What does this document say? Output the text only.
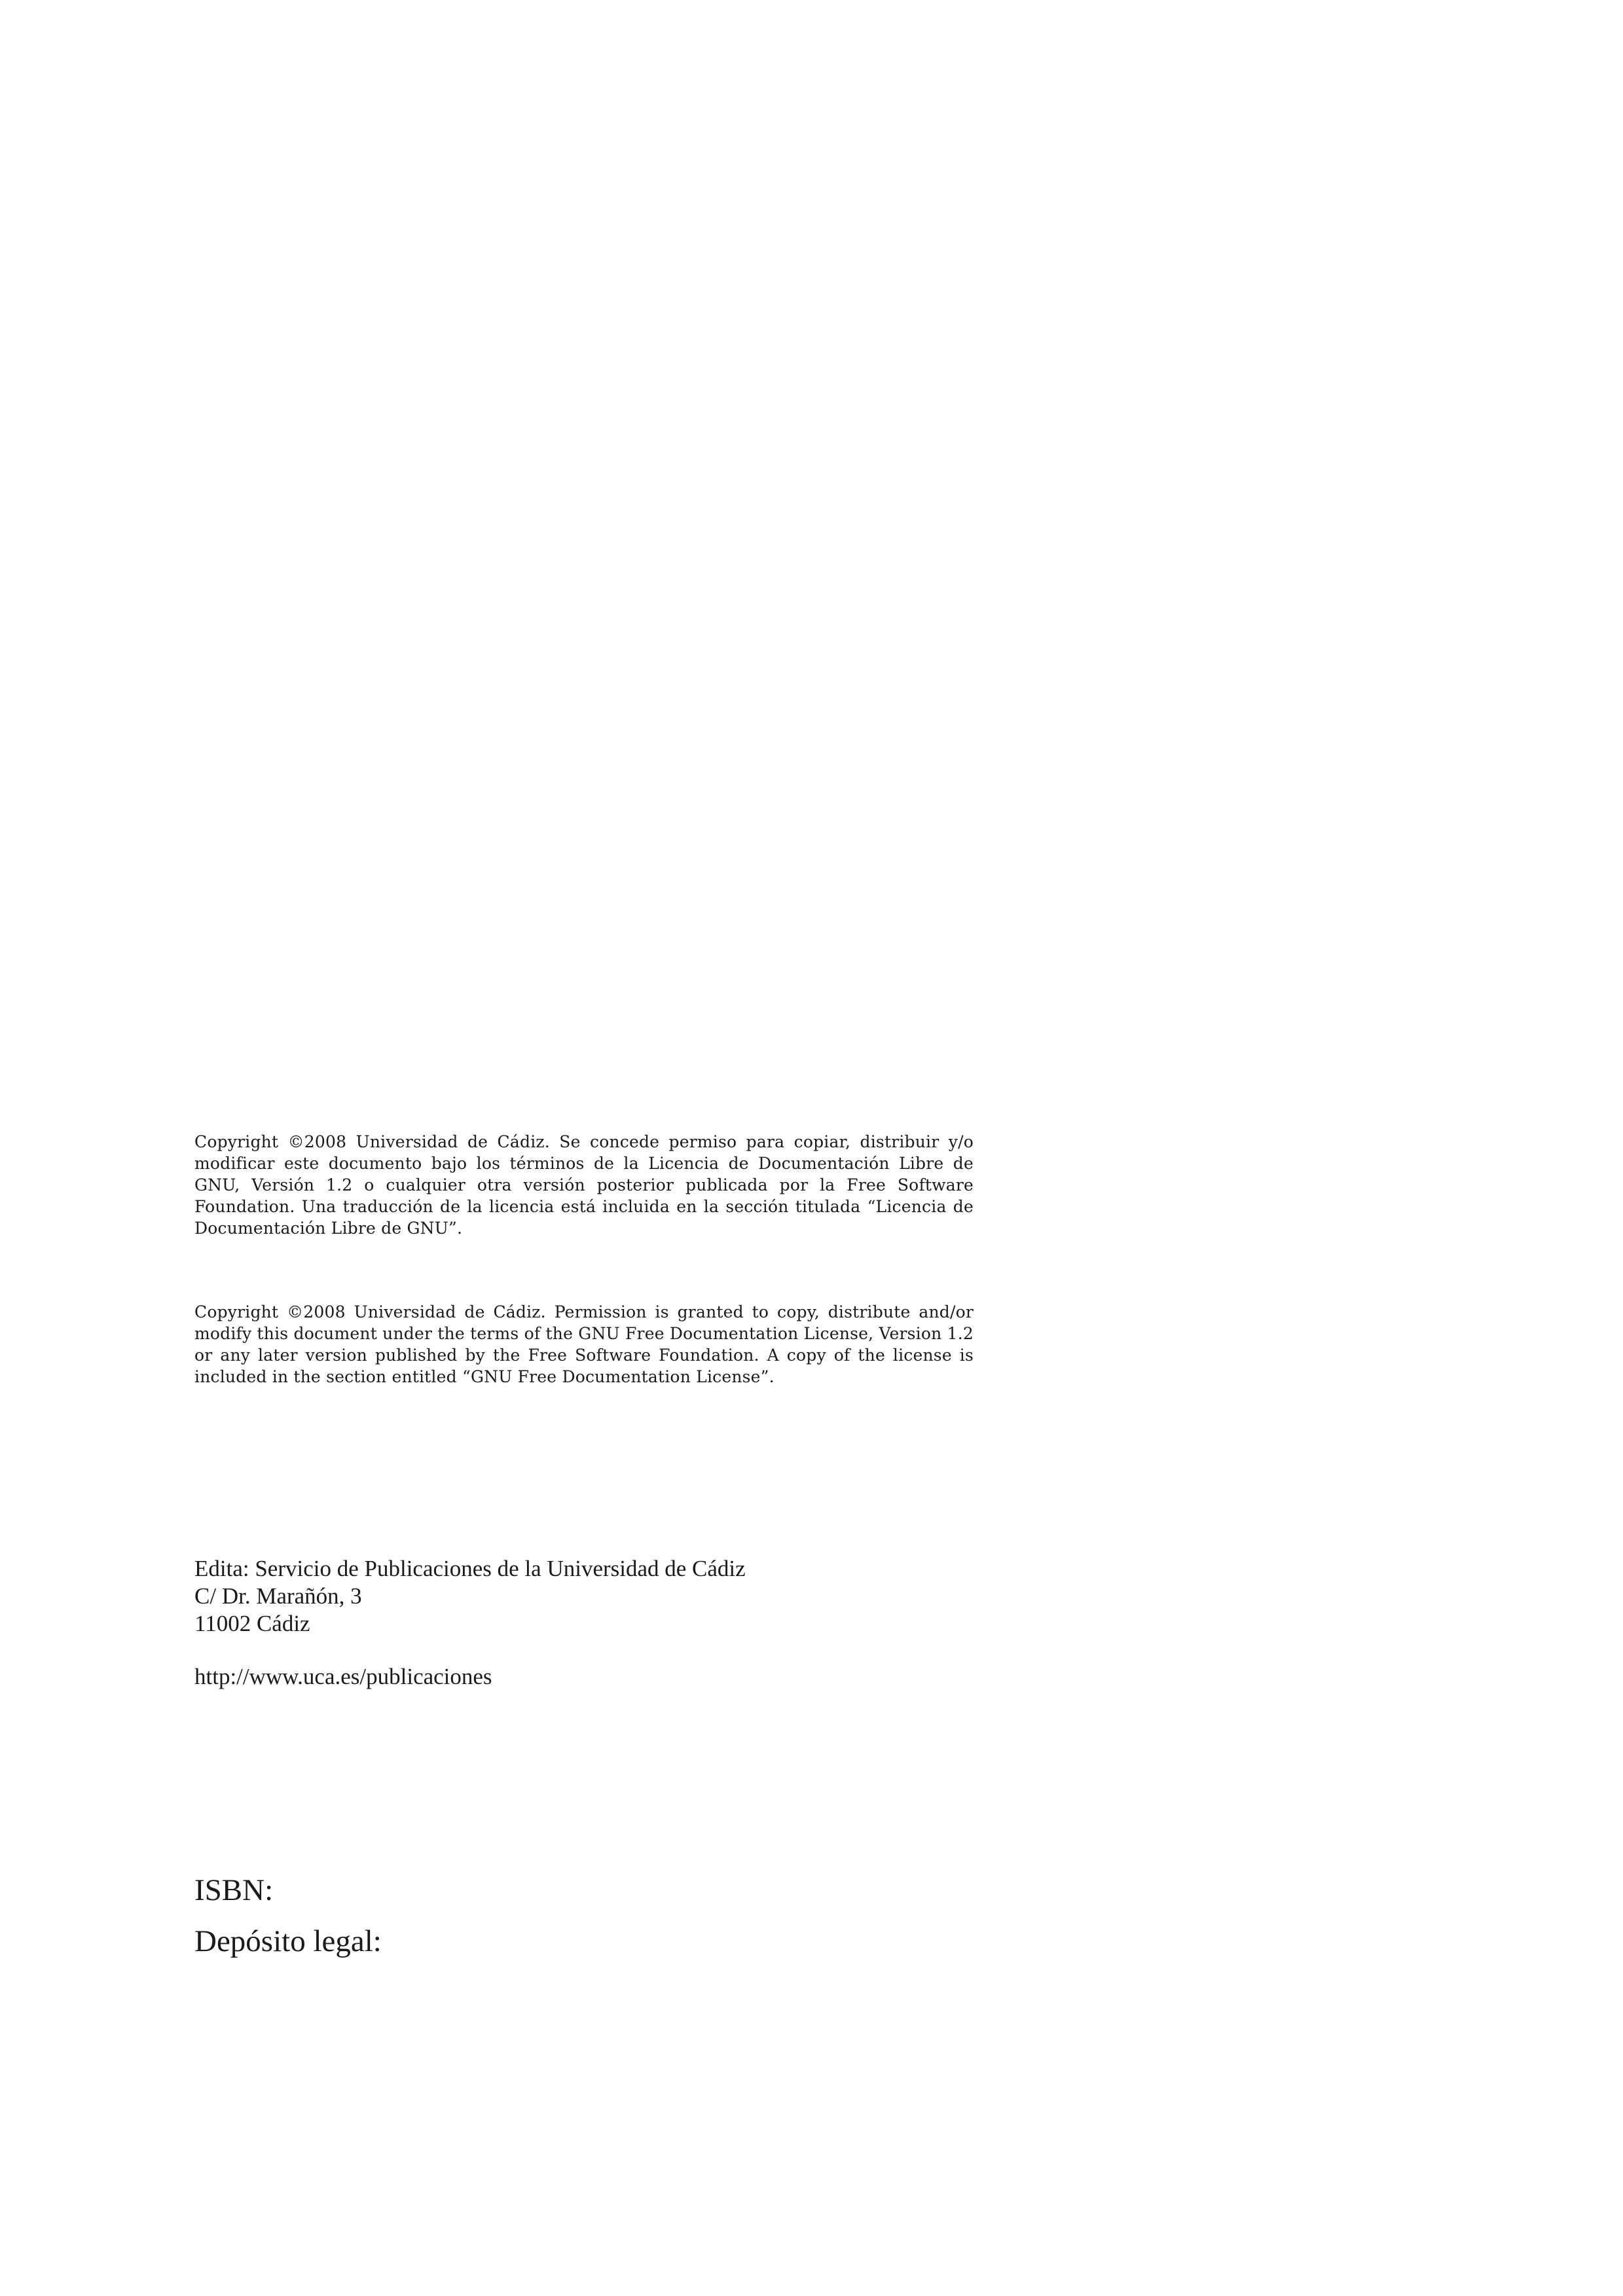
Copyright ©2008 Universidad de Cádiz. Se concede permiso para copiar, distribuir y/o modificar este documento bajo los términos de la Licencia de Documentación Libre de GNU, Versión 1.2 o cualquier otra versión posterior publicada por la Free Software Foundation. Una traducción de la licencia está incluida en la sección titulada “Licencia de Documentación Libre de GNU”.
Copyright ©2008 Universidad de Cádiz. Permission is granted to copy, distribute and/or modify this document under the terms of the GNU Free Documentation License, Version 1.2 or any later version published by the Free Software Foundation. A copy of the license is included in the section entitled “GNU Free Documentation License”.
Edita: Servicio de Publicaciones de la Universidad de Cádiz
C/ Dr. Marañón, 3
11002 Cádiz
http://www.uca.es/publicaciones
ISBN:
Depósito legal:
